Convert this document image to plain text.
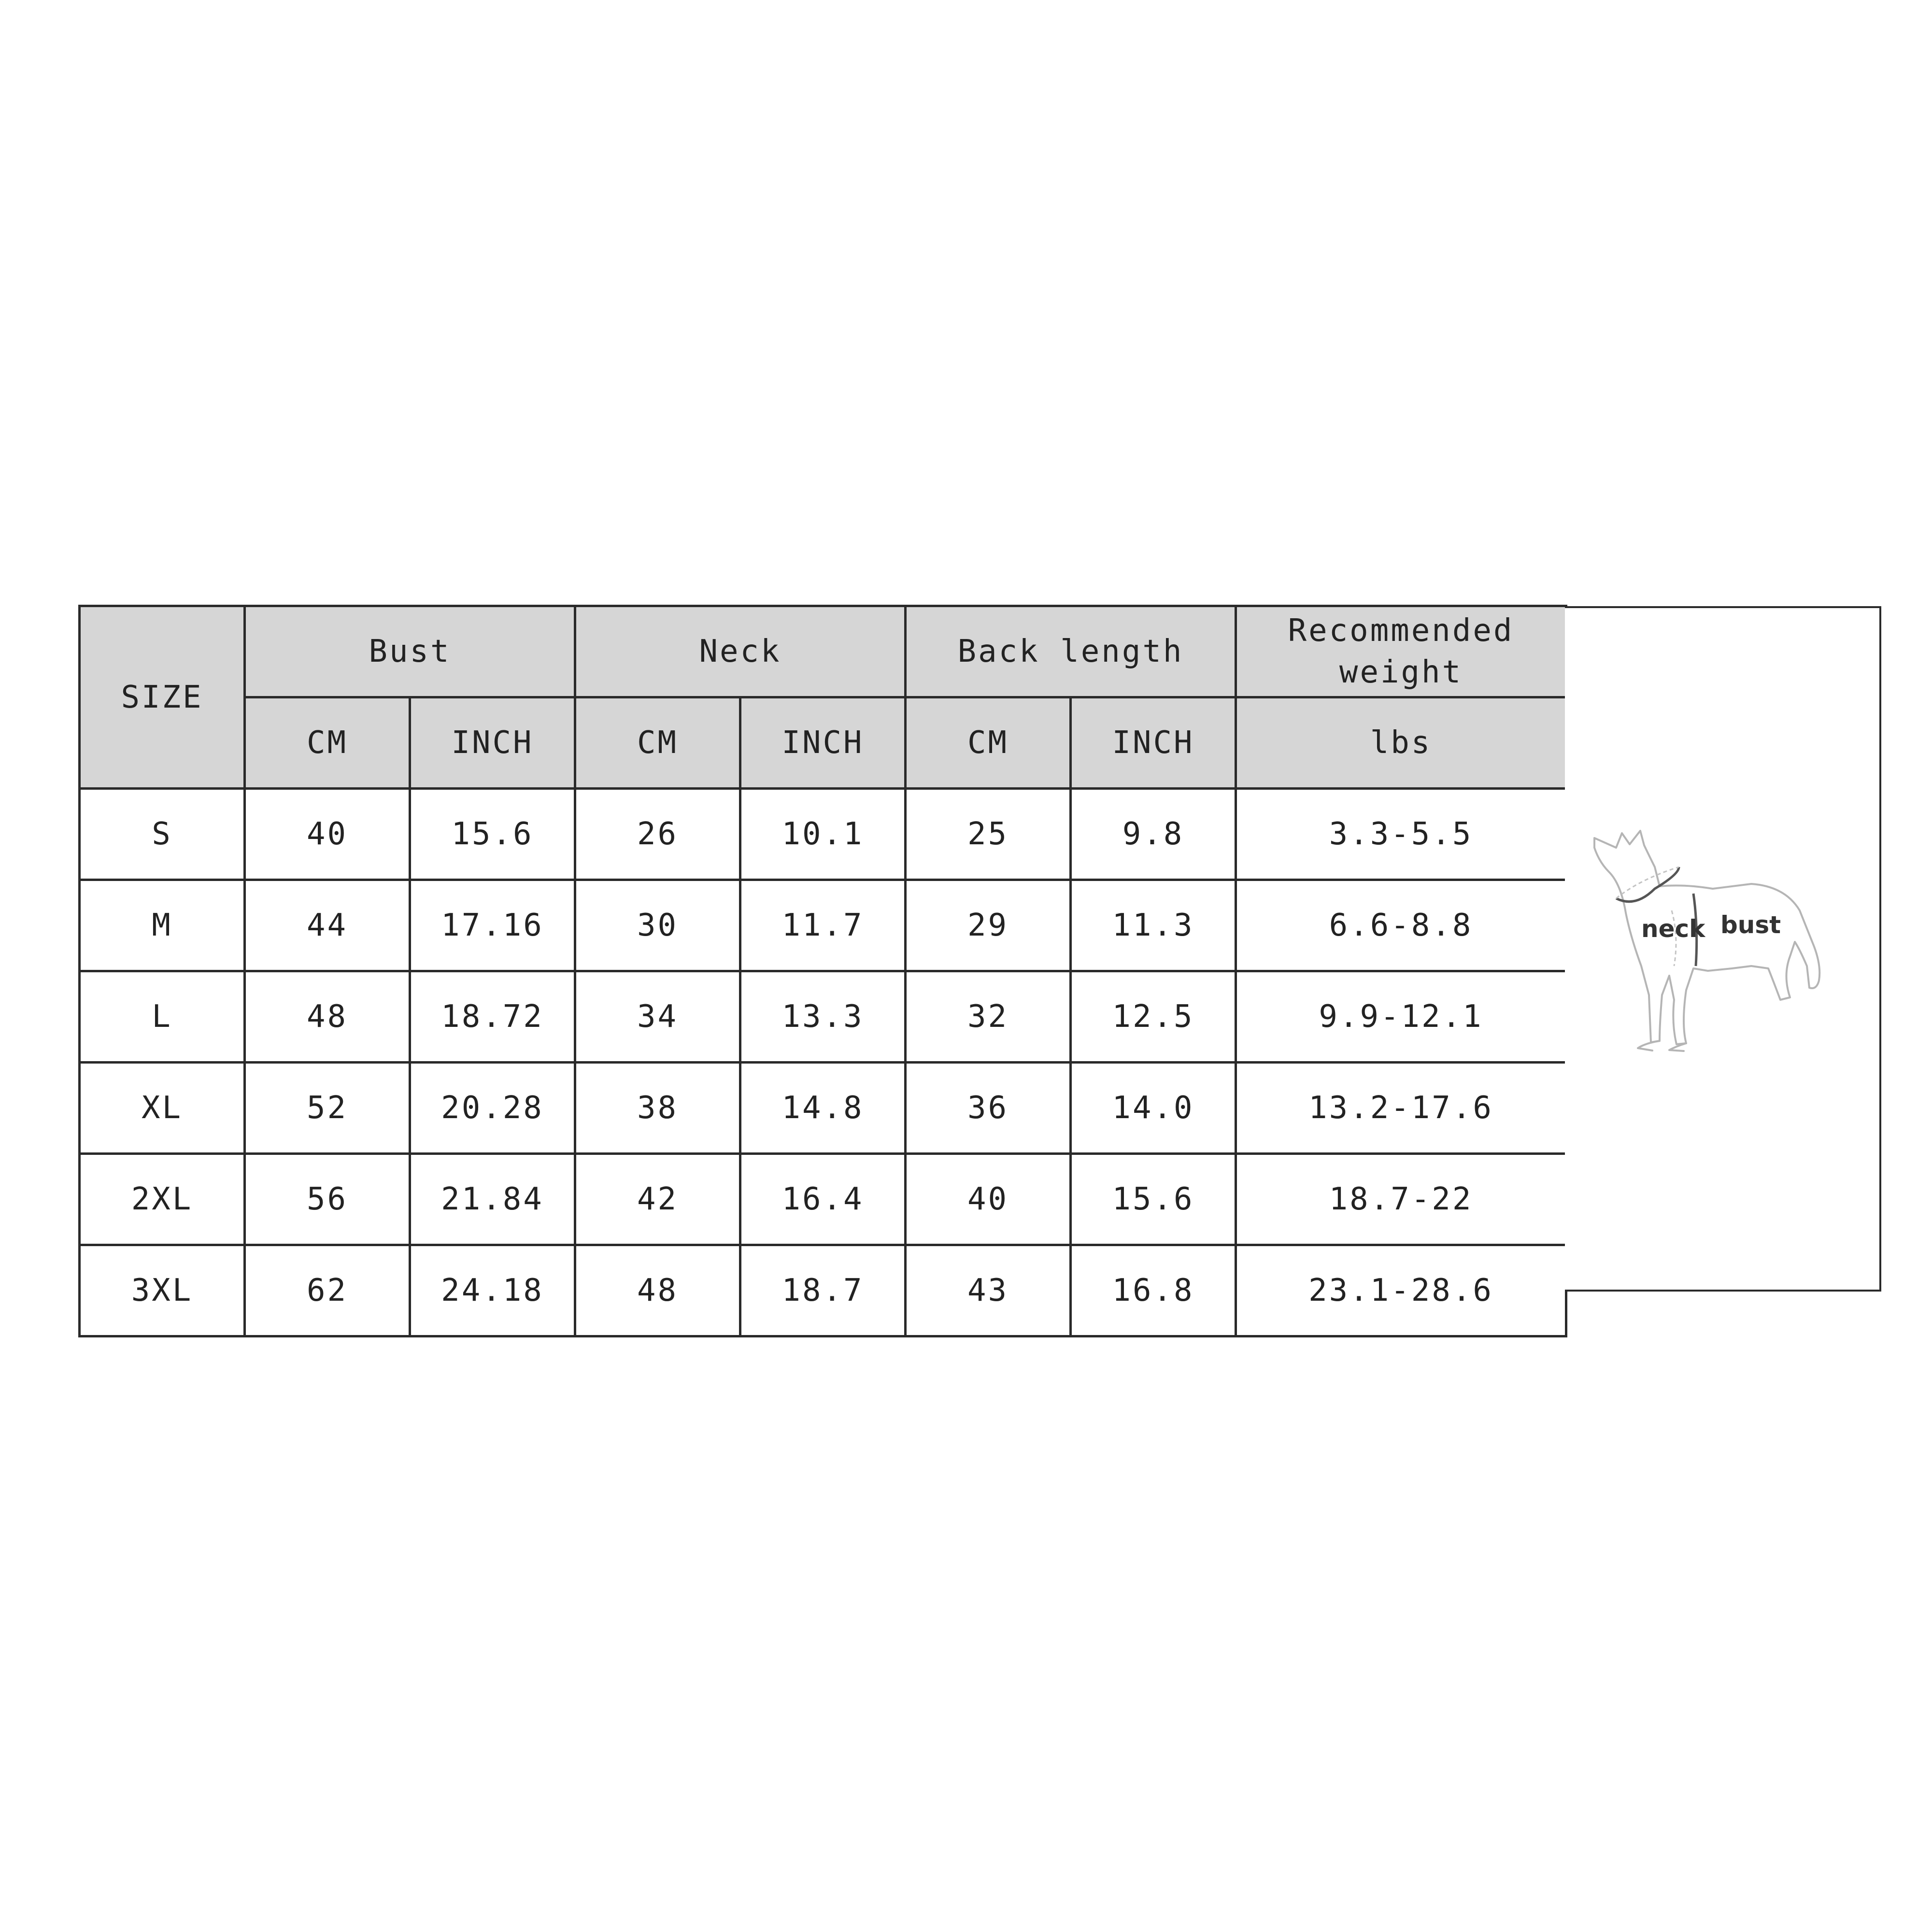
SIZE	Bust		Neck		Back length		Recommended weight
	CM	INCH	CM	INCH	CM	INCH	lbs
S	40	15.6	26	10.1	25	9.8	3.3-5.5
M	44	17.16	30	11.7	29	11.3	6.6-8.8
L	48	18.72	34	13.3	32	12.5	9.9-12.1
XL	52	20.28	38	14.8	36	14.0	13.2-17.6
2XL	56	21.84	42	16.4	40	15.6	18.7-22
3XL	62	24.18	48	18.7	43	16.8	23.1-28.6
neck bust
